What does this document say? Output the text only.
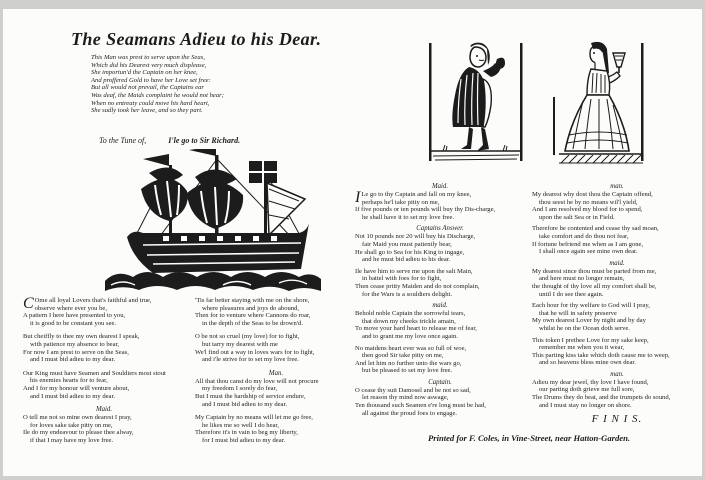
The Seamans Adieu to his Dear.
This Man was prest to serve upon the Seas,
Which did his Dearest very much displease,
She importun'd the Captain on her knee,
And proffered Gold to have her Love set free:
But all would not prevail, the Captains ear
Was deaf, the Maids complaint he would not hear;
When no entreaty could move his hard heart,
She sadly took her leave, and so they part.
To the Tune of,	I'le go to Sir Richard.
C Ome all loyal Lovers that's faithful and true,
observe where ever you be,
A pattern I here have presented to you,
it is good to be constant you see.
But cheiffly to thee my own dearest I speak,
with patience my absence to bear,
For now I am prest to serve on the Seas,
and I must bid adieu to my dear.
Our King must have Seamen and Souldiers most stout
his enemies hearts for to fear,
And I for my honour will venture about,
and I must bid adieu to my dear.
Maid.
O tell me not so mine own dearest I pray,
for loves sake take pitty on me,
Ile do my endeavour to please thee alway,
if that I may have my love free.
'Tis far better staying with me on the shore,
where pleasures and joys do abound,
Then for to venture where Cannons do roar,
in the depth of the Seas to be drown'd.
O be not so cruel (my love) for to fight,
but tarry my dearest with me
We'l find out a way in loves wars for to fight,
and i'le strive for to set my love free.
Man.
All that thou canst do my love will not procure
my freedom I sorely do fear,
But I must the hardship of service endure,
and I must bid adieu to my dear.
My Captain by no means will let me go free,
he likes me so well I do hear,
Therefore it's in vain to beg my liberty,
for I must bid adieu to my dear.
Maid.
I Le go to thy Captain and fall on my knee,
perhaps he'l take pitty on me,
If five pounds or ten pounds will buy thy Dis-charge,
he shall have it to set my love free.
Captains Answer.
Not 10 pounds nor 20 will buy his Discharge,
fair Maid you must patiently bear,
He shall go to Sea for his King to ingage,
and he must bid adieu to his dear.
Ile have him to serve me upon the salt Main,
in battel with foes for to fight,
Then cease pritty Maiden and do not complain,
for the Wars is a souldiers delight.
maid.
Behold noble Captain the sorrowful tears,
that down my cheeks trickle amain,
To move your hard heart to release me of fear,
and to grant me my love once again.
No maidens heart ever was so full of woe,
then good Sir take pitty on me,
And let him no further unto the wars go,
but be pleased to set my love free.
Captain.
O cease thy suit Damosel and be not so sad,
let reason thy mind now aswage,
Ten thousand such Seamen e're long must be had,
all against the proud foes to engage.
man.
My dearest why dost thou the Captain offend,
thou seest he by no means wil'l yield,
And I am resolved my blood for to spend,
upon the salt Sea or in Field.
Therefore be contented and cease thy sad moan,
take comfort and do thou not fear,
If fortune befriend me when as I am gone,
I shall once again see mine own dear.
maid.
My dearest since thou must be parted from me,
and here must no longer remain,
the thought of thy love all my comfort shall be,
until I do see thee again.
Each hour for thy welfare to God will I pray,
that he will in safety preserve
My own dearest Lover by night and by day
whilst he on the Ocean doth serve.
This token I prethee Love for my sake keep,
remember me when you it wear,
This parting kiss take which doth cause me to weep,
and so heavens bless mine own dear.
man.
Adieu my dear jewel, thy love I have found,
our parting doth grieve me full sore,
The Drums they do beat, and the trumpets do sound,
and I must stay no longer on shore.
F I N I S.
Printed for F. Coles, in Vine-Street, near Hatton-Garden.
